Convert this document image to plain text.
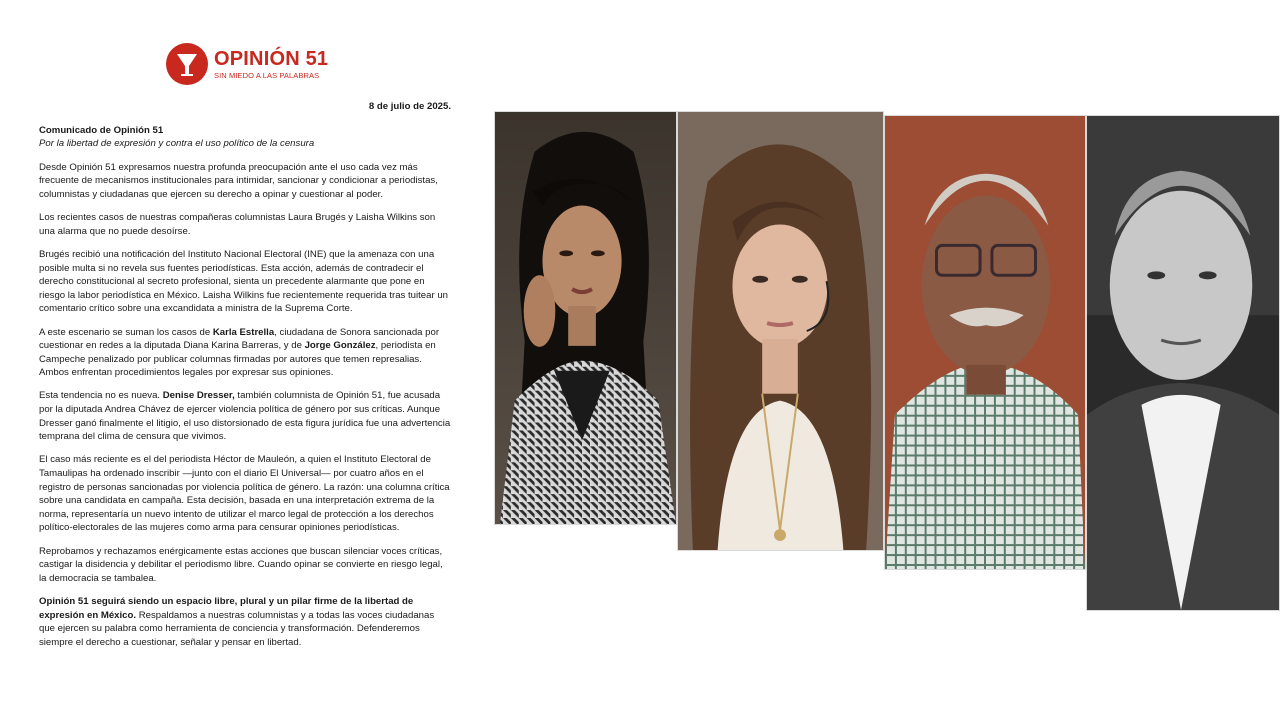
OPINIÓN 51
SIN MIEDO A LAS PALABRAS
8 de julio de 2025.
Comunicado de Opinión 51
Por la libertad de expresión y contra el uso político de la censura

Desde Opinión 51 expresamos nuestra profunda preocupación ante el uso cada vez más frecuente de mecanismos institucionales para intimidar, sancionar y condicionar a periodistas, columnistas y ciudadanas que ejercen su derecho a opinar y cuestionar al poder.

Los recientes casos de nuestras compañeras columnistas Laura Brugés y Laisha Wilkins son una alarma que no puede desoírse.

Brugés recibió una notificación del Instituto Nacional Electoral (INE) que la amenaza con una posible multa si no revela sus fuentes periodísticas. Esta acción, además de contradecir el derecho constitucional al secreto profesional, sienta un precedente alarmante que pone en riesgo la labor periodística en México. Laisha Wilkins fue recientemente requerida tras tuitear un comentario crítico sobre una excandidata a ministra de la Suprema Corte.

A este escenario se suman los casos de Karla Estrella, ciudadana de Sonora sancionada por cuestionar en redes a la diputada Diana Karina Barreras, y de Jorge González, periodista en Campeche penalizado por publicar columnas firmadas por autores que temen represalias. Ambos enfrentan procedimientos legales por expresar sus opiniones.

Esta tendencia no es nueva. Denise Dresser, también columnista de Opinión 51, fue acusada por la diputada Andrea Chávez de ejercer violencia política de género por sus críticas. Aunque Dresser ganó finalmente el litigio, el uso distorsionado de esta figura jurídica fue una advertencia temprana del clima de censura que vivimos.

El caso más reciente es el del periodista Héctor de Mauleón, a quien el Instituto Electoral de Tamaulipas ha ordenado inscribir —junto con el diario El Universal— por cuatro años en el registro de personas sancionadas por violencia política de género. La razón: una columna crítica sobre una candidata en campaña. Esta decisión, basada en una interpretación extrema de la norma, representaría un nuevo intento de utilizar el marco legal de protección a los derechos político-electorales de las mujeres como arma para censurar opiniones periodísticas.

Reprobamos y rechazamos enérgicamente estas acciones que buscan silenciar voces críticas, castigar la disidencia y debilitar el periodismo libre. Cuando opinar se convierte en riesgo legal, la democracia se tambalea.

Opinión 51 seguirá siendo un espacio libre, plural y un pilar firme de la libertad de expresión en México. Respaldamos a nuestras columnistas y a todas las voces ciudadanas que ejercen su palabra como herramienta de conciencia y transformación. Defenderemos siempre el derecho a cuestionar, señalar y pensar en libertad.
